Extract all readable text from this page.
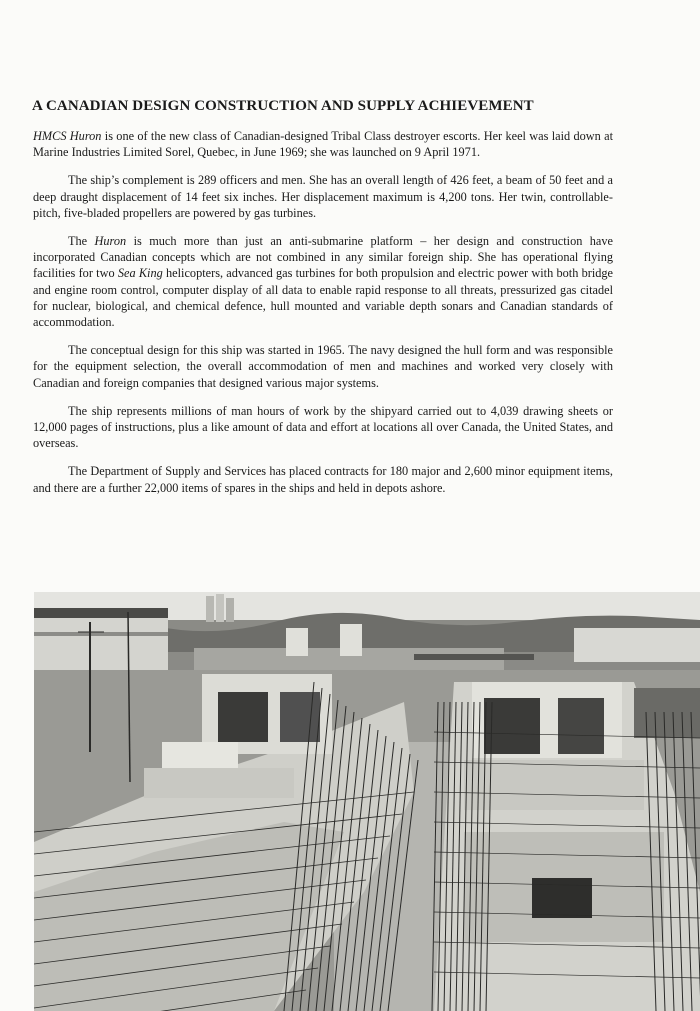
A CANADIAN DESIGN CONSTRUCTION AND SUPPLY ACHIEVEMENT

HMCS Huron is one of the new class of Canadian-designed Tribal Class destroyer escorts. Her keel was laid down at Marine Industries Limited Sorel, Quebec, in June 1969; she was launched on 9 April 1971.

The ship’s complement is 289 officers and men. She has an overall length of 426 feet, a beam of 50 feet and a deep draught displacement of 14 feet six inches. Her displacement maximum is 4,200 tons. Her twin, controllable-pitch, five-bladed propellers are powered by gas turbines.

The Huron is much more than just an anti-submarine platform – her design and construction have incorporated Canadian concepts which are not combined in any similar foreign ship. She has operational flying facilities for two Sea King helicopters, advanced gas turbines for both propulsion and electric power with both bridge and engine room control, computer display of all data to enable rapid response to all threats, pressurized gas citadel for nuclear, biological, and chemical defence, hull mounted and variable depth sonars and Canadian standards of accommodation.

The conceptual design for this ship was started in 1965. The navy designed the hull form and was responsible for the equipment selection, the overall accommodation of men and machines and worked very closely with Canadian and foreign companies that designed various major systems.

The ship represents millions of man hours of work by the shipyard carried out to 4,039 drawing sheets or 12,000 pages of instructions, plus a like amount of data and effort at locations all over Canada, the United States, and overseas.

The Department of Supply and Services has placed contracts for 180 major and 2,600 minor equipment items, and there are a further 22,000 items of spares in the ships and held in depots ashore.
